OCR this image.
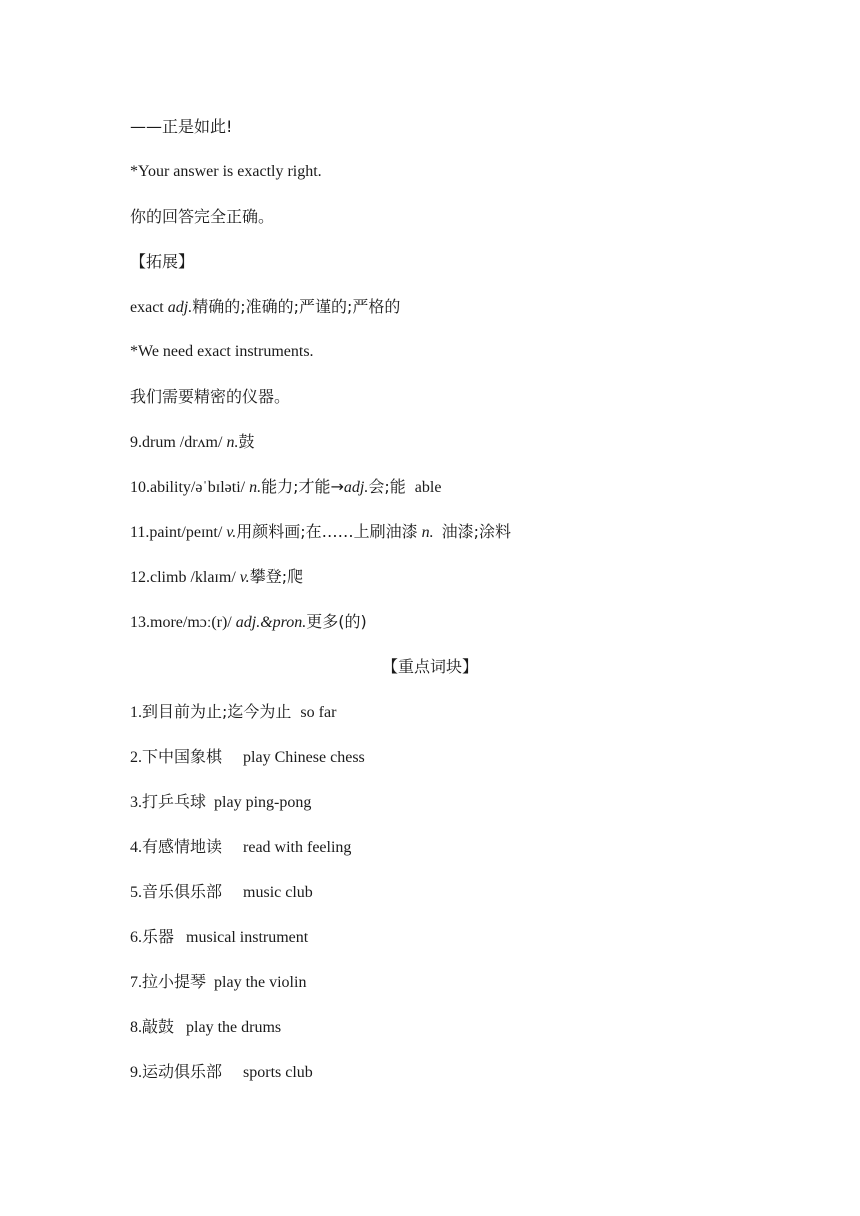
——正是如此!
*Your answer is exactly right.
你的回答完全正确。
【拓展】
exact adj.精确的;准确的;严谨的;严格的
*We need exact instruments.
我们需要精密的仪器。
9.drum /drʌm/ n.鼓
10.ability/əˈbɪləti/ n.能力;才能→adj.会;能 able
11.paint/peɪnt/ v.用颜料画;在……上刷油漆 n. 油漆;涂料
12.climb /klaɪm/ v.攀登;爬
13.more/mɔː(r)/ adj.&pron.更多(的)
【重点词块】
1.到目前为止;迄今为止 so far
2.下中国象棋 play Chinese chess
3.打乒乓球 play ping-pong
4.有感情地读 read with feeling
5.音乐俱乐部 music club
6.乐器 musical instrument
7.拉小提琴 play the violin
8.敲鼓 play the drums
9.运动俱乐部 sports club
